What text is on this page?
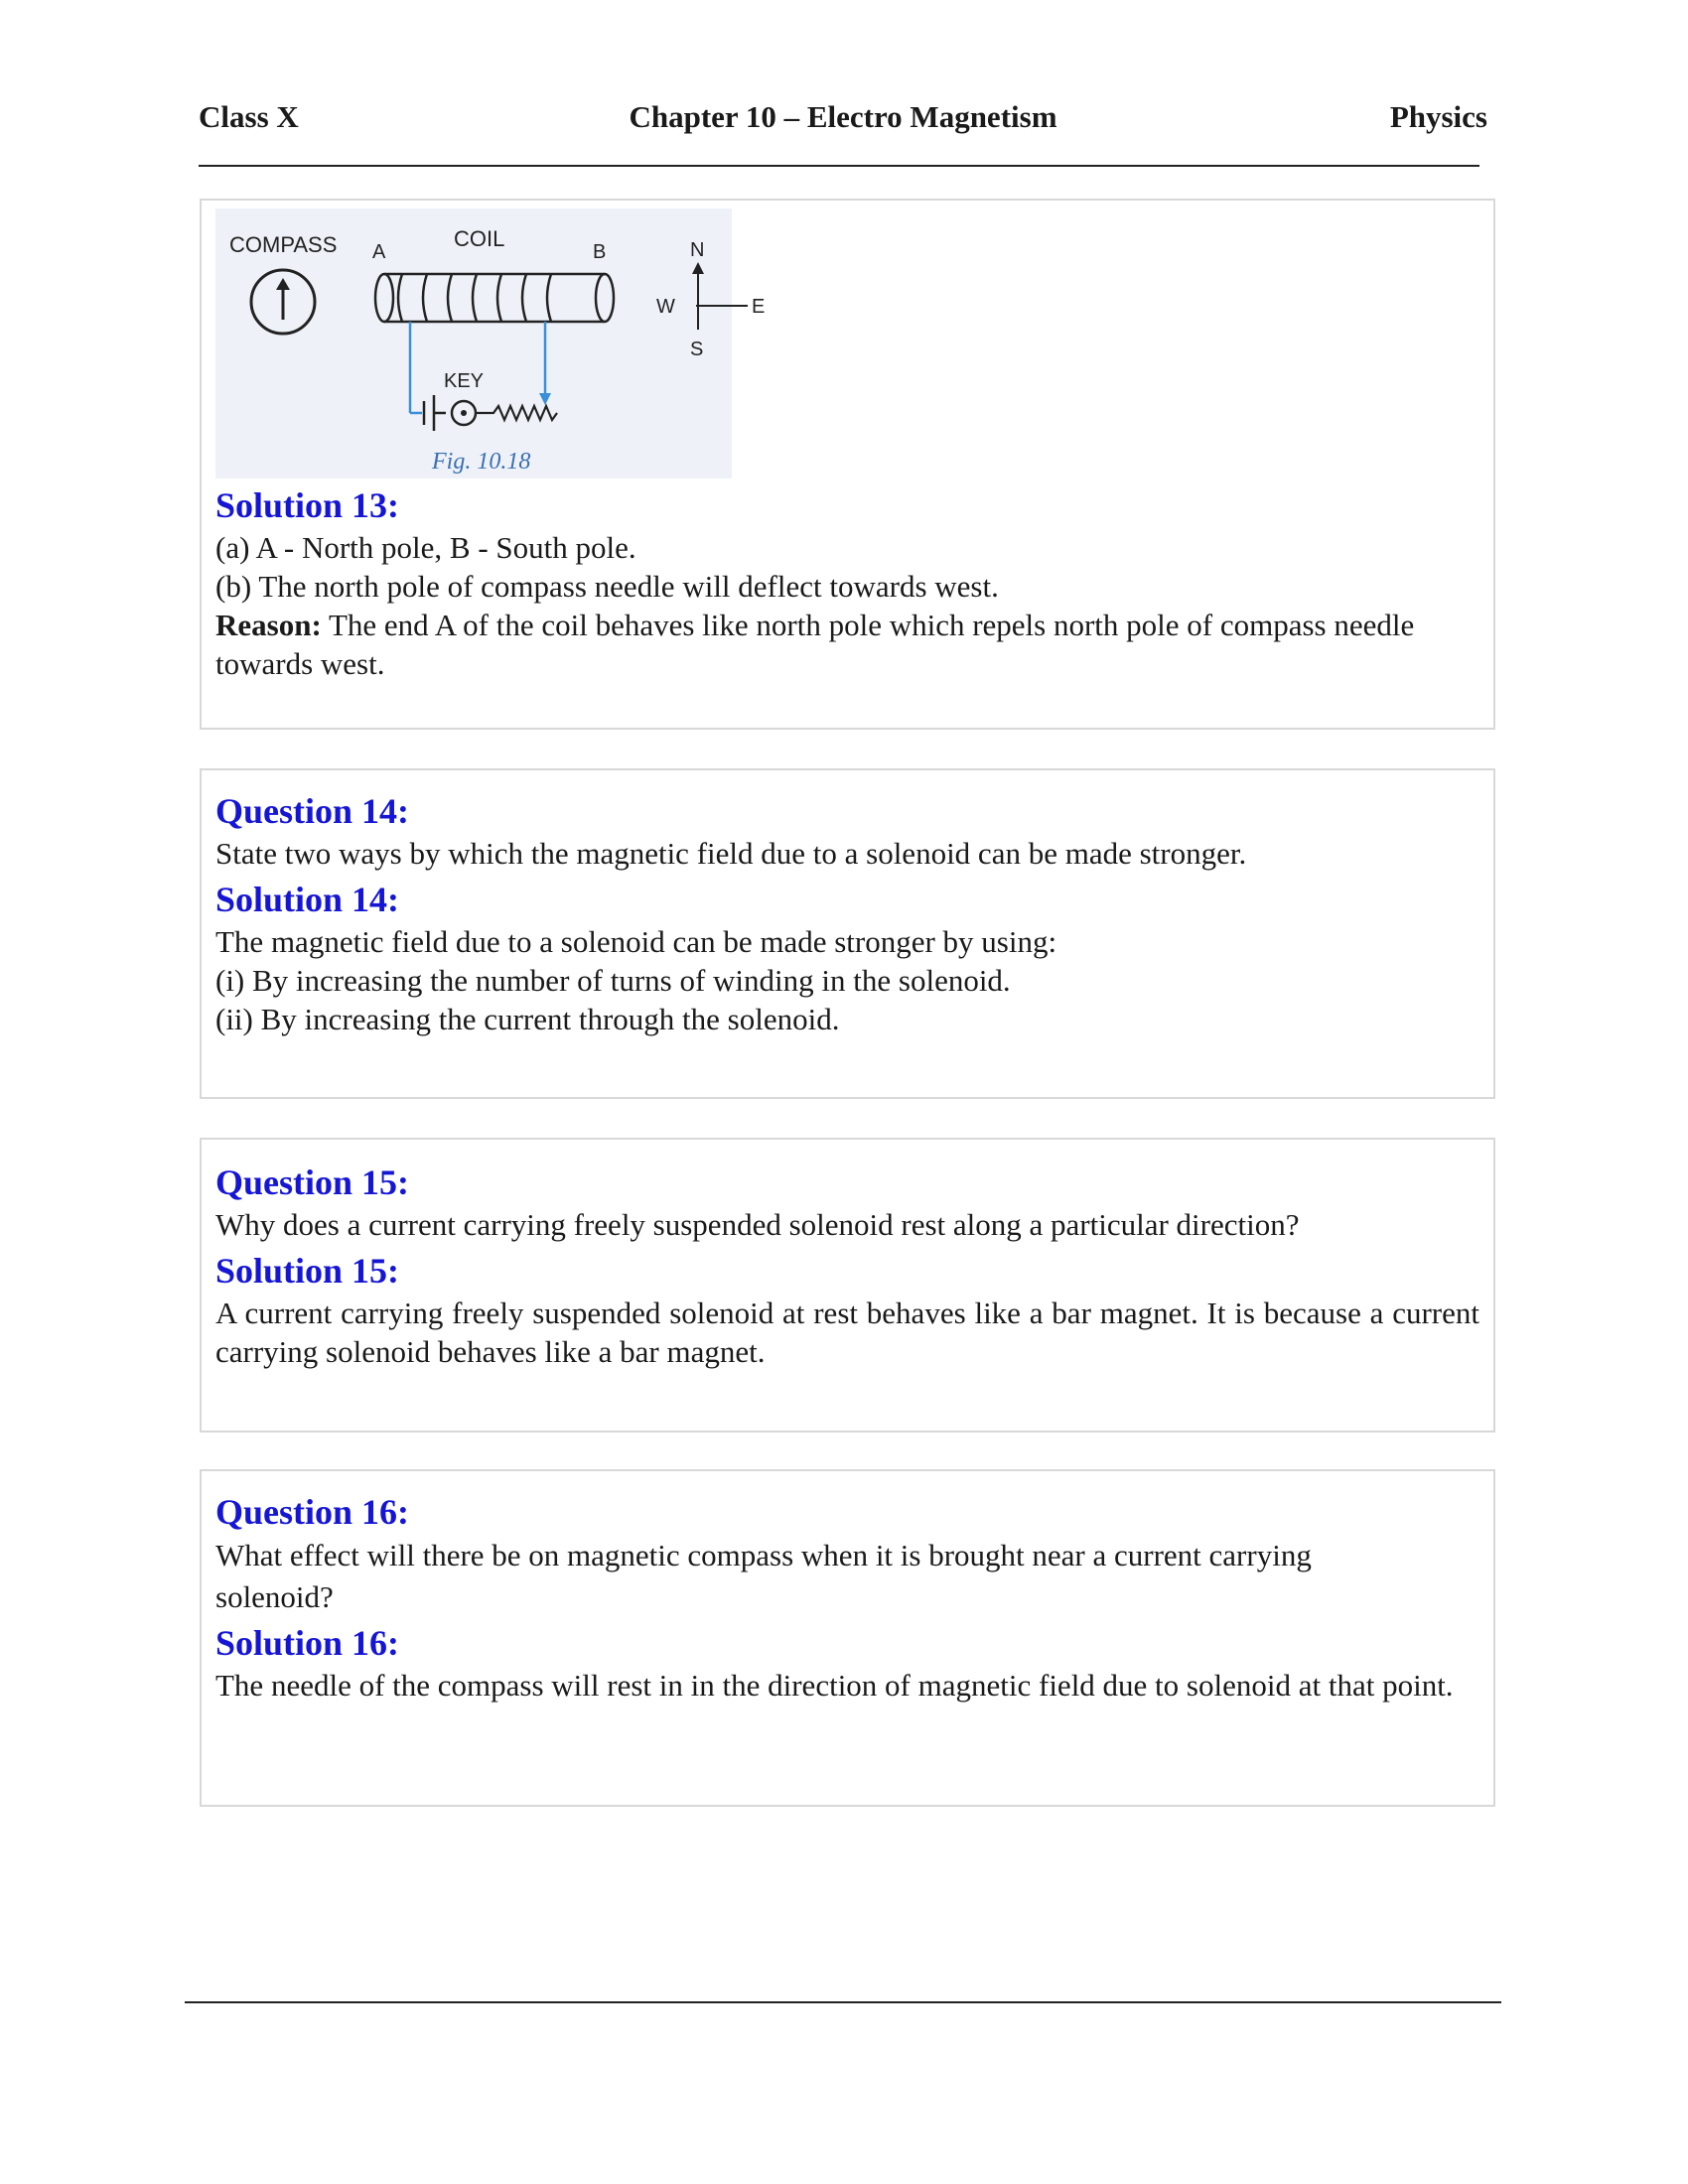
Class X	Chapter 10 – Electro Magnetism	Physics
COMPASS A
COIL
B
KEY
Fig. 10.18
N
S
W	E
Solution 13:
(a) A - North pole, B - South pole.
(b) The north pole of compass needle will deflect towards west.
Reason: The end A of the coil behaves like north pole which repels north pole of compass needle towards west.
Question 14:
State two ways by which the magnetic field due to a solenoid can be made stronger.
Solution 14:
The magnetic field due to a solenoid can be made stronger by using:
(i) By increasing the number of turns of winding in the solenoid.
(ii) By increasing the current through the solenoid.
Question 15:
Why does a current carrying freely suspended solenoid rest along a particular direction?
Solution 15:
A current carrying freely suspended solenoid at rest behaves like a bar magnet. It is because a current carrying solenoid behaves like a bar magnet.
Question 16:
What effect will there be on magnetic compass when it is brought near a current carrying solenoid?
Solution 16:
The needle of the compass will rest in in the direction of magnetic field due to solenoid at that point.
